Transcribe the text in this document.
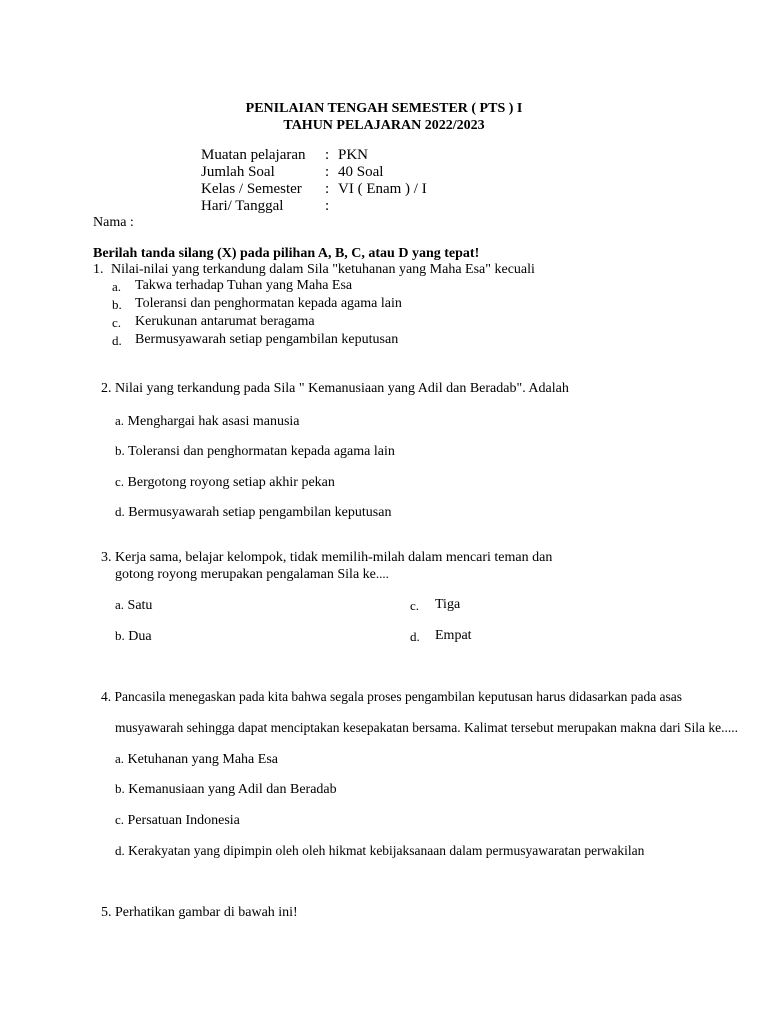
PENILAIAN TENGAH SEMESTER ( PTS ) I
TAHUN PELAJARAN 2022/2023
Muatan pelajaran : PKN
Jumlah Soal	: 40 Soal
Kelas / Semester : VI ( Enam ) / I
Hari/ Tanggal	:
Nama :
Berilah tanda silang (X) pada pilihan A, B, C, atau D yang tepat!
1. Nilai-nilai yang terkandung dalam Sila "ketuhanan yang Maha Esa" kecuali
a. Takwa terhadap Tuhan yang Maha Esa
b. Toleransi dan penghormatan kepada agama lain
c. Kerukunan antarumat beragama
d. Bermusyawarah setiap pengambilan keputusan
2. Nilai yang terkandung pada Sila " Kemanusiaan yang Adil dan Beradab". Adalah
a. Menghargai hak asasi manusia
b. Toleransi dan penghormatan kepada agama lain
c. Bergotong royong setiap akhir pekan
d. Bermusyawarah setiap pengambilan keputusan
3. Kerja sama, belajar kelompok, tidak memilih-milah dalam mencari teman dan
gotong royong merupakan pengalaman Sila ke....
a. Satu	c. Tiga
b. Dua	d. Empat
4. Pancasila menegaskan pada kita bahwa segala proses pengambilan keputusan harus didasarkan pada asas
musyawarah sehingga dapat menciptakan kesepakatan bersama. Kalimat tersebut merupakan makna dari Sila ke.....
a. Ketuhanan yang Maha Esa
b. Kemanusiaan yang Adil dan Beradab
c. Persatuan Indonesia
d. Kerakyatan yang dipimpin oleh oleh hikmat kebijaksanaan dalam permusyawaratan perwakilan
5. Perhatikan gambar di bawah ini!
